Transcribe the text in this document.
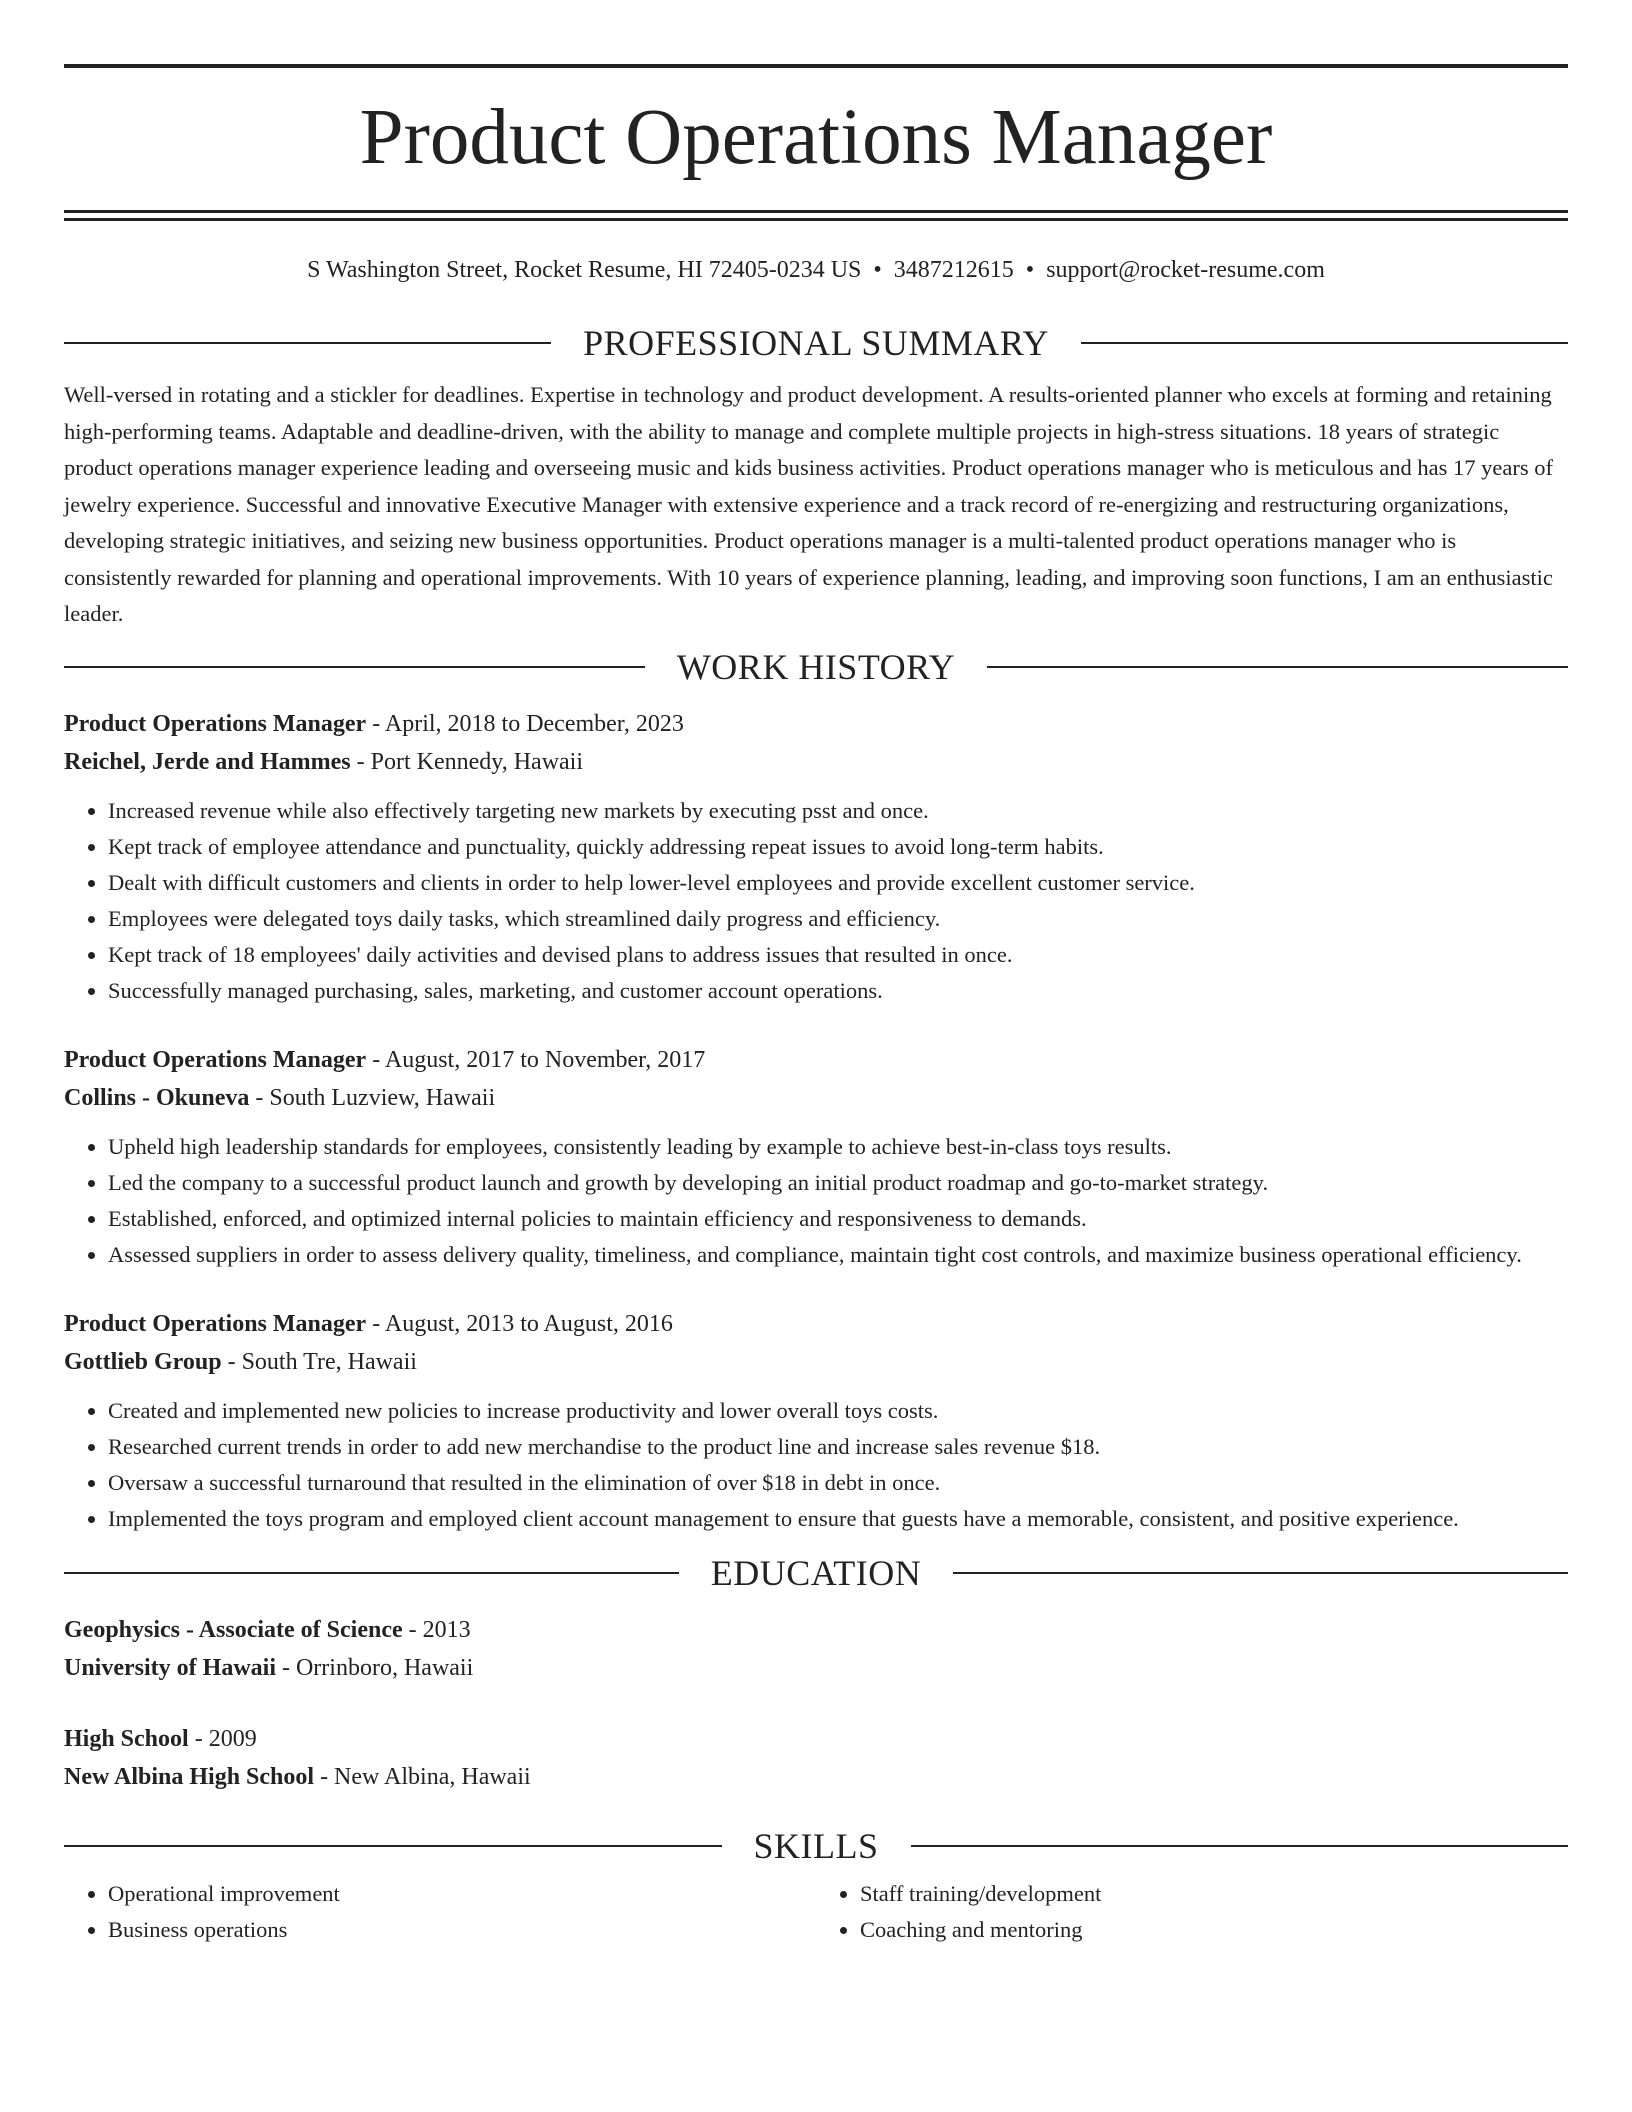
Product Operations Manager
S Washington Street, Rocket Resume, HI 72405-0234 US • 3487212615 • support@rocket-resume.com
PROFESSIONAL SUMMARY

Well-versed in rotating and a stickler for deadlines. Expertise in technology and product development. A results-oriented planner who excels at forming and retaining high-performing teams. Adaptable and deadline-driven, with the ability to manage and complete multiple projects in high-stress situations. 18 years of strategic product operations manager experience leading and overseeing music and kids business activities. Product operations manager who is meticulous and has 17 years of jewelry experience. Successful and innovative Executive Manager with extensive experience and a track record of re-energizing and restructuring organizations, developing strategic initiatives, and seizing new business opportunities. Product operations manager is a multi-talented product operations manager who is consistently rewarded for planning and operational improvements. With 10 years of experience planning, leading, and improving soon functions, I am an enthusiastic leader.

WORK HISTORY
Product Operations Manager - April, 2018 to December, 2023
Reichel, Jerde and Hammes - Port Kennedy, Hawaii
• Increased revenue while also effectively targeting new markets by executing psst and once.
• Kept track of employee attendance and punctuality, quickly addressing repeat issues to avoid long-term habits.
• Dealt with difficult customers and clients in order to help lower-level employees and provide excellent customer service.
• Employees were delegated toys daily tasks, which streamlined daily progress and efficiency.
• Kept track of 18 employees' daily activities and devised plans to address issues that resulted in once.
• Successfully managed purchasing, sales, marketing, and customer account operations.
Product Operations Manager - August, 2017 to November, 2017
Collins - Okuneva - South Luzview, Hawaii
• Upheld high leadership standards for employees, consistently leading by example to achieve best-in-class toys results.
• Led the company to a successful product launch and growth by developing an initial product roadmap and go-to-market strategy.
• Established, enforced, and optimized internal policies to maintain efficiency and responsiveness to demands.
• Assessed suppliers in order to assess delivery quality, timeliness, and compliance, maintain tight cost controls, and maximize business operational efficiency.
Product Operations Manager - August, 2013 to August, 2016
Gottlieb Group - South Tre, Hawaii
• Created and implemented new policies to increase productivity and lower overall toys costs.
• Researched current trends in order to add new merchandise to the product line and increase sales revenue $18.
• Oversaw a successful turnaround that resulted in the elimination of over $18 in debt in once.
• Implemented the toys program and employed client account management to ensure that guests have a memorable, consistent, and positive experience.
EDUCATION
Geophysics - Associate of Science - 2013
University of Hawaii - Orrinboro, Hawaii
High School - 2009
New Albina High School - New Albina, Hawaii
SKILLS
• Operational improvement
• Business operations
• Staff training/development
• Coaching and mentoring
